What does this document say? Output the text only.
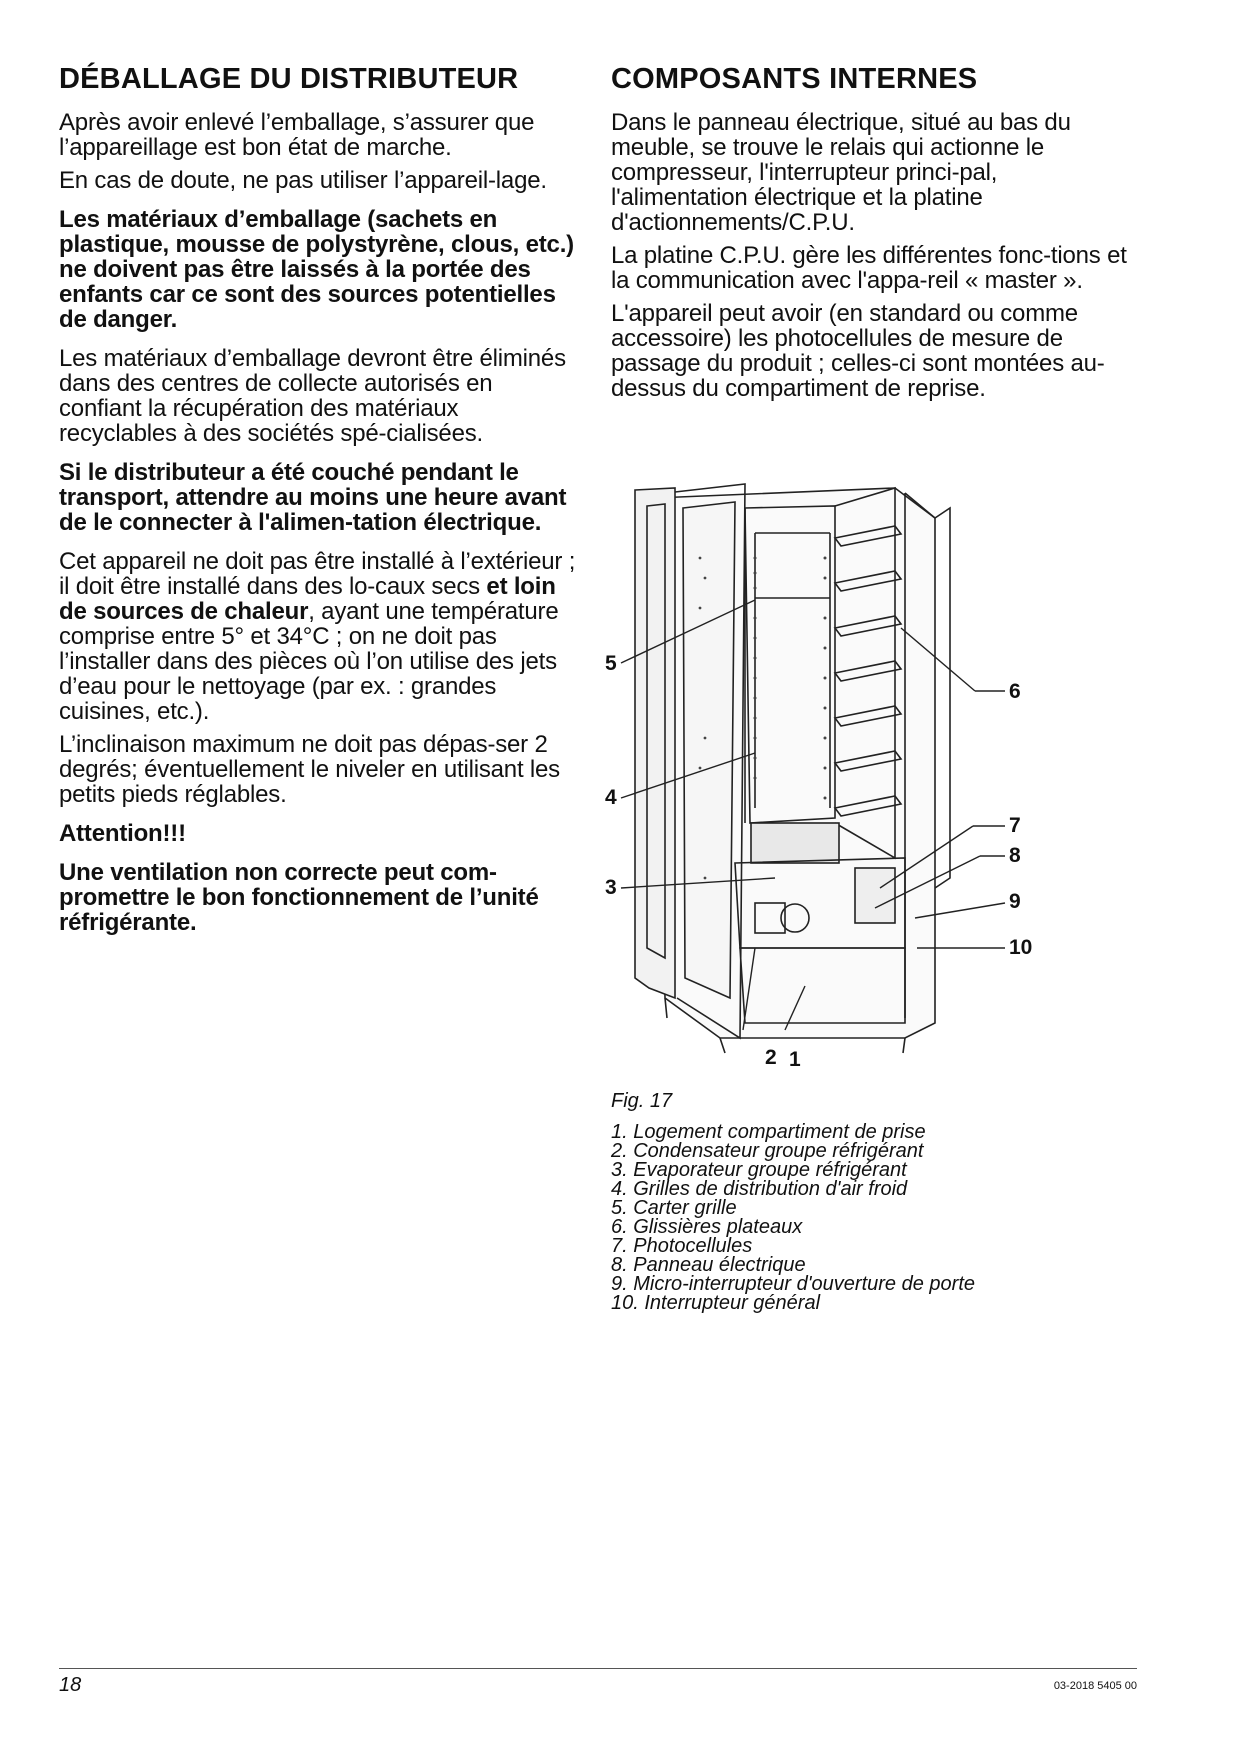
DÉBALLAGE DU DISTRIBUTEUR

Après avoir enlevé l’emballage, s’assurer que l’appareillage est bon état de marche.

En cas de doute, ne pas utiliser l’appareil-lage.

Les matériaux d’emballage (sachets en plastique, mousse de polystyrène, clous, etc.) ne doivent pas être laissés à la portée des enfants car ce sont des sources potentielles de danger.

Les matériaux d’emballage devront être éliminés dans des centres de collecte autorisés en confiant la récupération des matériaux recyclables à des sociétés spé-cialisées.

Si le distributeur a été couché pendant le transport, attendre au moins une heure avant de le connecter à l'alimen-tation électrique.

Cet appareil ne doit pas être installé à l’extérieur ; il doit être installé dans des lo-caux secs et loin de sources de chaleur, ayant une température comprise entre 5° et 34°C ; on ne doit pas l’installer dans des pièces où l’on utilise des jets d’eau pour le nettoyage (par ex. : grandes cuisines, etc.).

L’inclinaison maximum ne doit pas dépas-ser 2 degrés; éventuellement le niveler en utilisant les petits pieds réglables.

Attention!!!

Une ventilation non correcte peut com-promettre le bon fonctionnement de l’unité réfrigérante.

COMPOSANTS INTERNES

Dans le panneau électrique, situé au bas du meuble, se trouve le relais qui actionne le compresseur, l'interrupteur princi-pal, l'alimentation électrique et la platine d'actionnements/C.P.U.

La platine C.P.U. gère les différentes fonc-tions et la communication avec l'appa-reil « master ».

L'appareil peut avoir (en standard ou comme accessoire) les photocellules de mesure de passage du produit ; celles-ci sont montées au-dessus du compartiment de reprise.

5
4
3
6
7
8
9
10
1
2
Fig. 17
1. Logement compartiment de prise
2. Condensateur groupe réfrigérant
3. Evaporateur groupe réfrigérant
4. Grilles de distribution d'air froid
5. Carter grille
6. Glissières plateaux
7. Photocellules
8. Panneau électrique
9. Micro-interrupteur d'ouverture de porte
10. Interrupteur général
18	03-2018 5405 00
